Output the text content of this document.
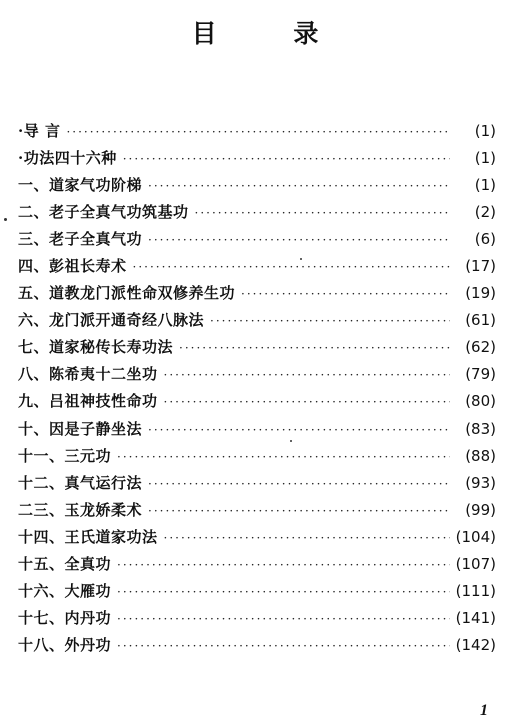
目 录
·导 言 ·····	(1)
·功法四十六种 ·····	(1)
一、道家气功阶梯 ·····	(1)
二、老子全真气功筑基功 ·····	(2)
三、老子全真气功 ·····	(6)
四、彭祖长寿术 ·····	(17)
五、道教龙门派性命双修养生功 ·····	(19)
六、龙门派开通奇经八脉法 ·····	(61)
七、道家秘传长寿功法 ·····	(62)
八、陈希夷十二坐功 ·····	(79)
九、吕祖神技性命功 ·····	(80)
十、因是子静坐法 ·····	(83)
十一、三元功 ·····	(88)
十二、真气运行法 ·····	(93)
二三、玉龙娇柔术 ·····	(99)
十四、王氏道家功法 ·····	(104)
十五、全真功 ·····	(107)
十六、大雁功 ·····	(111)
十七、内丹功 ·····	(141)
十八、外丹功 ·····	(142)
1
